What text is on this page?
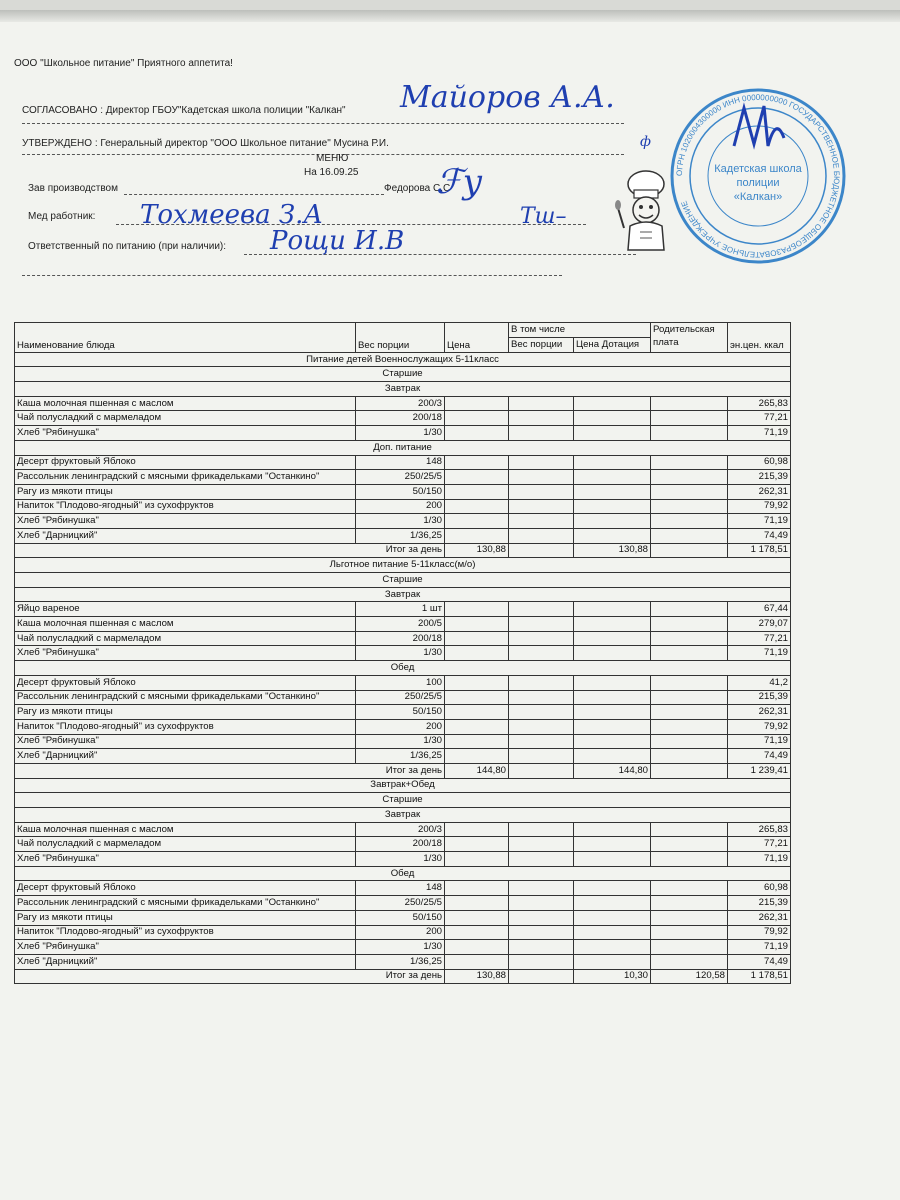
ООО "Школьное питание" Приятного аппетита!
СОГЛАСОВАНО : Директор ГБОУ"Кадетская школа полиции "Калкан" Майоров А.А.
УТВЕРЖДЕНО : Генеральный директор "ООО Школьное питание" Мусина Р.И.	ф
МЕНЮ
На 16.09.25
Зав производством	Федорова С.С
ℱу
Мед работник: Тохмеева З.А	Тш–
Ответственный по питанию (при наличии): Рощи И.В
ОГРН 1020004300000 ИНН 0000000000 ГОСУДАРСТВЕННОЕ БЮДЖЕТНОЕ ОБЩЕОБРАЗОВАТЕЛЬНОЕ УЧРЕЖДЕНИЕ
Кадетская школа
полиции
«Калкан»
Наименование блюда	Вес порции	Цена	В том числе		Родительская плата	эн.цен. ккал
			Вес порции	Цена Дотация		
Питание детей Военнослужащих 5-11класс						
Старшие						
Завтрак						
Каша молочная пшенная с маслом	200/3					265,83
Чай полусладкий с мармеладом	200/18					77,21
Хлеб "Рябинушка"	1/30					71,19
Доп. питание						
Десерт фруктовый Яблоко	148					60,98
Рассольник ленинградский с мясными фрикадельками "Останкино"	250/25/5					215,39
Рагу из мякоти птицы	50/150					262,31
Напиток "Плодово-ягодный" из сухофруктов	200					79,92
Хлеб "Рябинушка"	1/30					71,19
Хлеб "Дарницкий"	1/36,25					74,49
Итог за день		130,88		130,88		1 178,51
Льготное питание 5-11класс(м/о)						
Старшие						
Завтрак						
Яйцо вареное	1 шт					67,44
Каша молочная пшенная с маслом	200/5					279,07
Чай полусладкий с мармеладом	200/18					77,21
Хлеб "Рябинушка"	1/30					71,19
Обед						
Десерт фруктовый Яблоко	100					41,2
Рассольник ленинградский с мясными фрикадельками "Останкино"	250/25/5					215,39
Рагу из мякоти птицы	50/150					262,31
Напиток "Плодово-ягодный" из сухофруктов	200					79,92
Хлеб "Рябинушка"	1/30					71,19
Хлеб "Дарницкий"	1/36,25					74,49
Итог за день		144,80		144,80		1 239,41
Завтрак+Обед						
Старшие						
Завтрак						
Каша молочная пшенная с маслом	200/3					265,83
Чай полусладкий с мармеладом	200/18					77,21
Хлеб "Рябинушка"	1/30					71,19
Обед						
Десерт фруктовый Яблоко	148					60,98
Рассольник ленинградский с мясными фрикадельками "Останкино"	250/25/5					215,39
Рагу из мякоти птицы	50/150					262,31
Напиток "Плодово-ягодный" из сухофруктов	200					79,92
Хлеб "Рябинушка"	1/30					71,19
Хлеб "Дарницкий"	1/36,25					74,49
Итог за день		130,88		10,30	120,58	1 178,51
